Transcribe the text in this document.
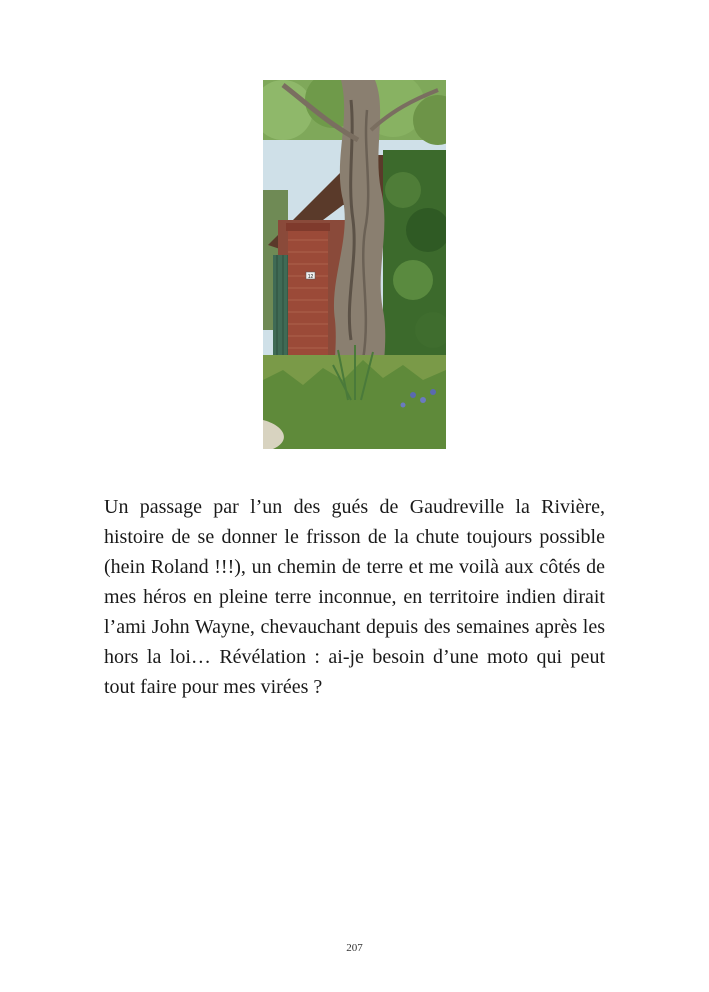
12

Un passage par l’un des gués de Gaudreville la Rivière, histoire de se donner le frisson de la chute toujours possible (hein Roland !!!), un chemin de terre et me voilà aux côtés de mes héros en pleine terre inconnue, en territoire indien dirait l’ami John Wayne, chevauchant depuis des semaines après les hors la loi… Révélation : ai-je besoin d’une moto qui peut tout faire pour mes virées ?

207
